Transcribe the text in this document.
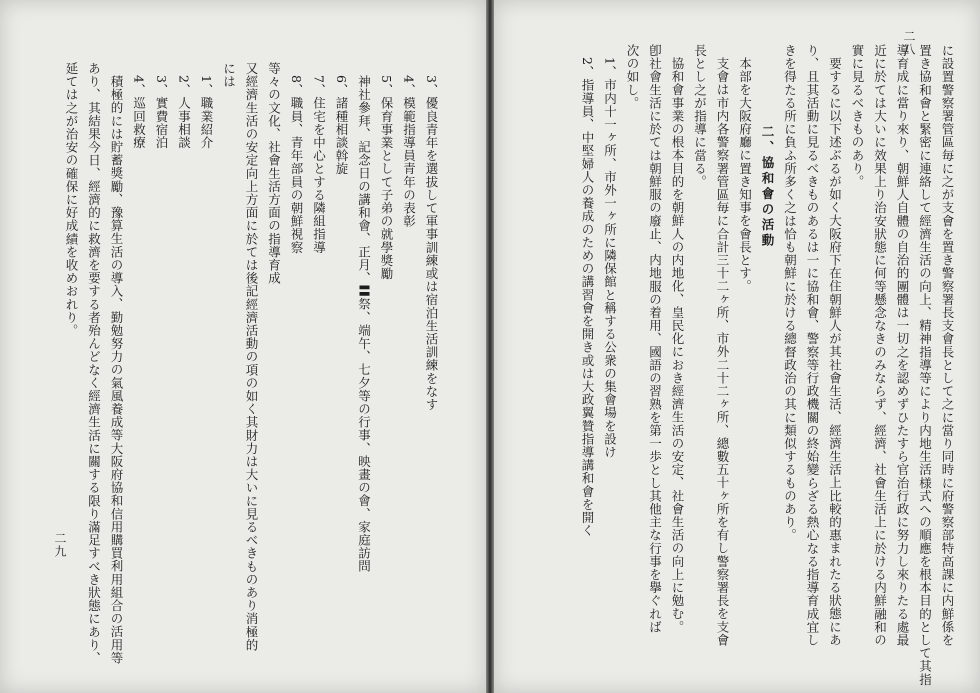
二九
3、優良青年を選拔して軍事訓練或は宿泊生活訓練をなす
4、模範指導員青年の表彰
5、保育事業として子弟の就學獎勵
神社參拜、記念日の講和會、正月、〓祭、端午、七夕等の行事、映畫の會、家庭訪問
6、諸種相談斡旋
7、住宅を中心とする隣組指導
8、職員、青年部員の朝鮮視察
等々の文化、社會生活方面の指導育成
又經濟生活の安定向上方面に於ては後記經濟活動の項の如く其財力は大いに見るべきものあり消極的
には
1、職業紹介
2、人事相談
3、實費宿泊
4、巡回救療
積極的には貯蓄獎勵、豫算生活の導入、勤勉努力の氣風養成等大阪府協和信用購買利用組合の活用等
あり、其結果今日、經濟的に救濟を要する者殆んどなく經濟生活に關する限り滿足すべき狀態にあり、
延ては之が治安の確保に好成績を收めおれり。
二八
に設置警察署管區毎に之が支會を置き警察署長支會長として之に當り同時に府警察部特高課に内鮮係を
置き協和會と緊密に連絡して經濟生活の向上、精神指導等により内地生活様式への順應を根本目的として其指
導育成に當り來り、朝鮮人自體の自治的團體は一切之を認めずひたすら官治行政に努力し來りたる處最
近に於ては大いに效果上り治安狀態に何等懸念なきのみならず、經濟、社會生活上に於ける内鮮融和の
實に見るべきものあり。
要するに以下述ぶるが如く大阪府下在住朝鮮人が其社會生活、經濟生活上比較的惠まれたる狀態にあ
り、且其活動に見るべきものあるは一に協和會、警察等行政機關の終始變らざる熱心なる指導育成宜し
きを得たる所に負ふ所多く之は恰も朝鮮に於ける總督政治の其に類似するものあり。
二、協和會の活動
本部を大阪府廳に置き知事を會長とす。
支會は市内各警察署管區毎に合計三十二ヶ所、市外二十二ヶ所、總數五十ヶ所を有し警察署長を支會
長とし之が指導に當る。
協和會事業の根本目的を朝鮮人の内地化、皇民化におき經濟生活の安定、社會生活の向上に勉む。
卽社會生活に於ては朝鮮服の廢止、内地服の着用、國語の習熟を第一歩とし其他主な行事を擧ぐれば
次の如し。
1、市内十一ヶ所、市外一ヶ所に隣保館と稱する公衆の集會場を設け
2、指導員、中堅婦人の養成のための講習會を開き或は大政翼贊指導講和會を開く
